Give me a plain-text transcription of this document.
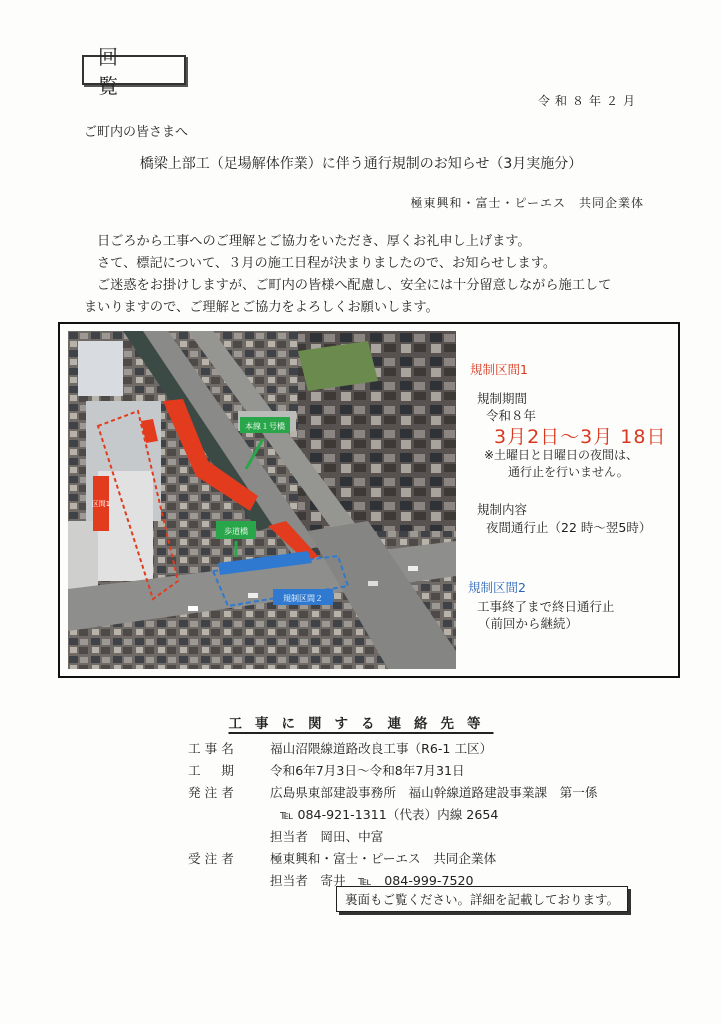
回　覧
令和８年２月
ご町内の皆さまへ
橋梁上部工（足場解体作業）に伴う通行規制のお知らせ（3月実施分）
極東興和・富士・ピーエス　共同企業体

日ごろから工事へのご理解とご協力をいただき、厚くお礼申し上げます。

さて、標記について、３月の施工日程が決まりましたので、お知らせします。

ご迷惑をお掛けしますが、ご町内の皆様へ配慮し、安全には十分留意しながら施工して

まいりますので、ご理解とご協力をよろしくお願いします。

本線１号橋
歩道橋
区間1
規制区間２
規制区間1
規制期間
令和８年
3月2日～3月 18日
※土曜日と日曜日の夜間は、
通行止を行いません。
規制内容
夜間通行止（22 時～翌5時）
規制区間2
工事終了まで終日通行止
（前回から継続）
工事に関する連絡先等
工事名	福山沼隈線道路改良工事（R6-1 工区）
工　期	令和6年7月3日～令和8年7月31日
発注者	広島県東部建設事務所　福山幹線道路建設事業課　第一係
℡ 084-921-1311（代表）内線 2654
担当者　岡田、中富
受注者	極東興和・富士・ピーエス　共同企業体
担当者　寄井　℡　084-999-7520
裏面もご覧ください。詳細を記載しております。
